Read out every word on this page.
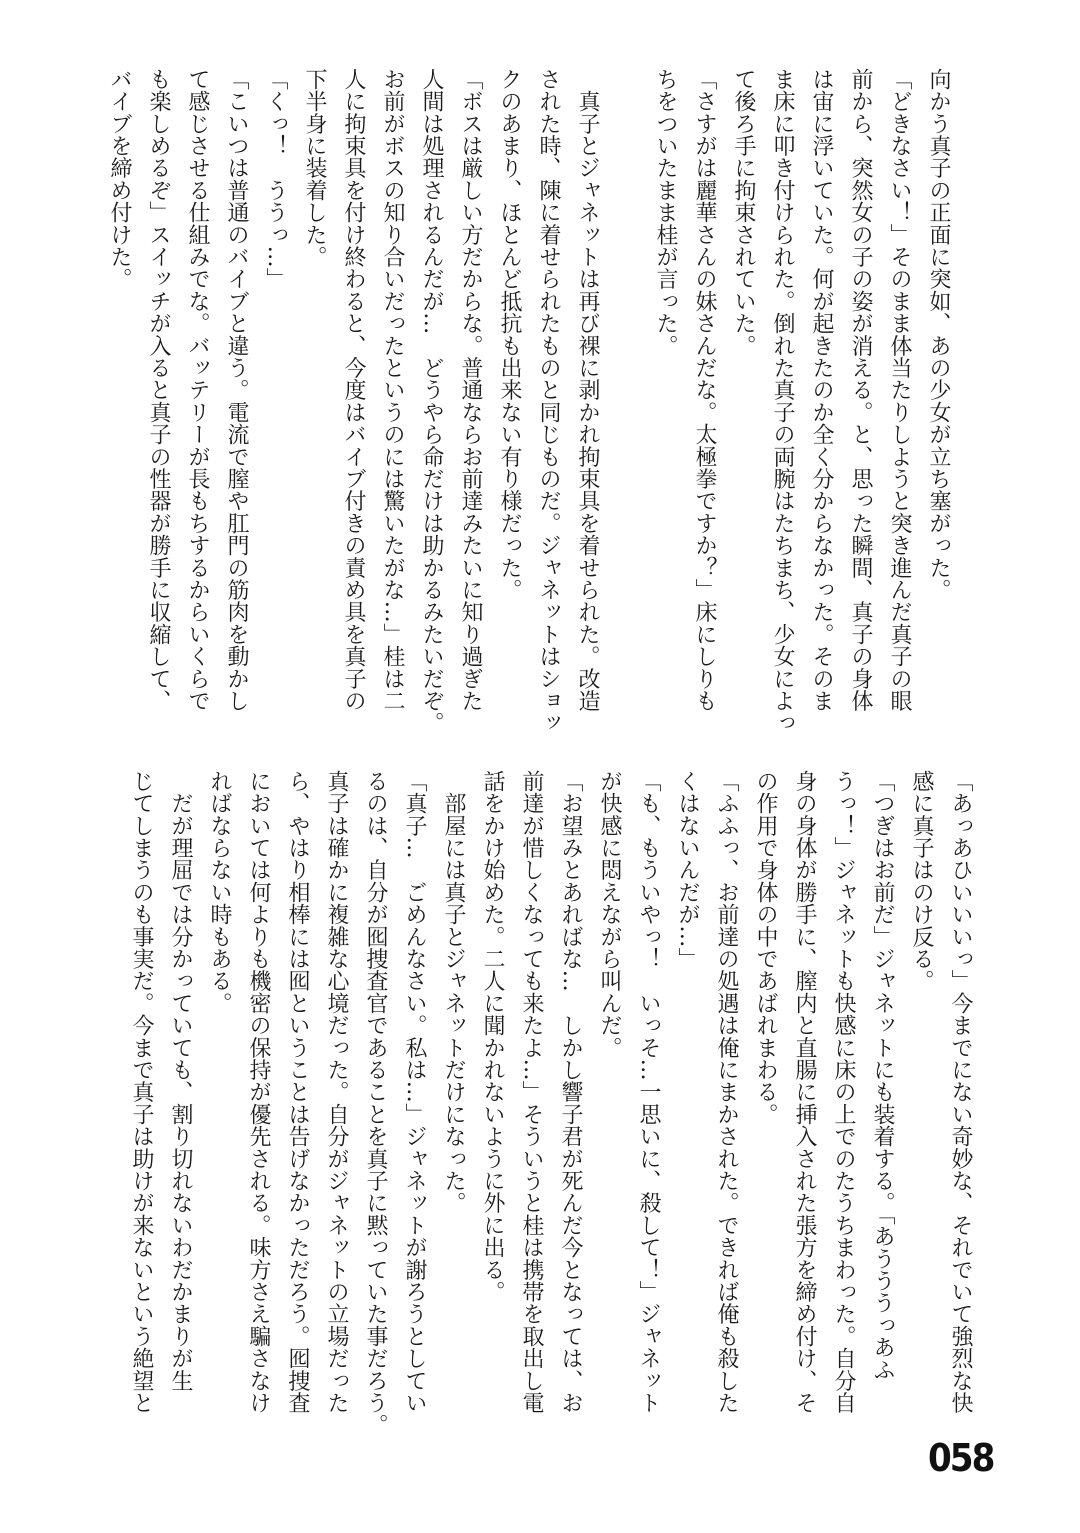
向かう真子の正面に突如、あの少女が立ち塞がった。
「どきなさい！」そのまま体当たりしようと突き進んだ真子の眼
前から、突然女の子の姿が消える。と、思った瞬間、真子の身体
は宙に浮いていた。何が起きたのか全く分からなかった。そのま
ま床に叩き付けられた。倒れた真子の両腕はたちまち、少女によっ
て後ろ手に拘束されていた。
「さすがは麗華さんの妹さんだな。太極拳ですか？」床にしりも
ちをついたまま桂が言った。
　真子とジャネットは再び裸に剥かれ拘束具を着せられた。改造
された時、陳に着せられたものと同じものだ。ジャネットはショッ
クのあまり、ほとんど抵抗も出来ない有り様だった。
「ボスは厳しい方だからな。普通ならお前達みたいに知り過ぎた
人間は処理されるんだが…　どうやら命だけは助かるみたいだぞ。
お前がボスの知り合いだったというのには驚いたがな…」桂は二
人に拘束具を付け終わると、今度はバイブ付きの責め具を真子の
下半身に装着した。
「くっ！　ううっ…」
「こいつは普通のバイブと違う。電流で膣や肛門の筋肉を動かし
て感じさせる仕組みでな。バッテリーが長もちするからいくらで
も楽しめるぞ」スイッチが入ると真子の性器が勝手に収縮して、
バイブを締め付けた。
「あっあひいいいっ」今までにない奇妙な、それでいて強烈な快
感に真子はのけ反る。
「つぎはお前だ」ジャネットにも装着する。「あうううっあふ
うっ！」ジャネットも快感に床の上でのたうちまわった。自分自
身の身体が勝手に、膣内と直腸に挿入された張方を締め付け、そ
の作用で身体の中であばれまわる。
「ふふっ、お前達の処遇は俺にまかされた。できれば俺も殺した
くはないんだが…」
「も、もういやっ！　いっそ…一思いに、殺して！」ジャネット
が快感に悶えながら叫んだ。
「お望みとあればな…　しかし響子君が死んだ今となっては、お
前達が惜しくなっても来たよ…」そういうと桂は携帯を取出し電
話をかけ始めた。二人に聞かれないように外に出る。
　部屋には真子とジャネットだけになった。
「真子…　ごめんなさい。私は…」ジャネットが謝ろうとしてい
るのは、自分が囮捜査官であることを真子に黙っていた事だろう。
真子は確かに複雑な心境だった。自分がジャネットの立場だった
ら、やはり相棒には囮ということは告げなかっただろう。囮捜査
においては何よりも機密の保持が優先される。味方さえ騙さなけ
ればならない時もある。
　だが理屈では分かっていても、割り切れないわだかまりが生
じてしまうのも事実だ。今まで真子は助けが来ないという絶望と
058
